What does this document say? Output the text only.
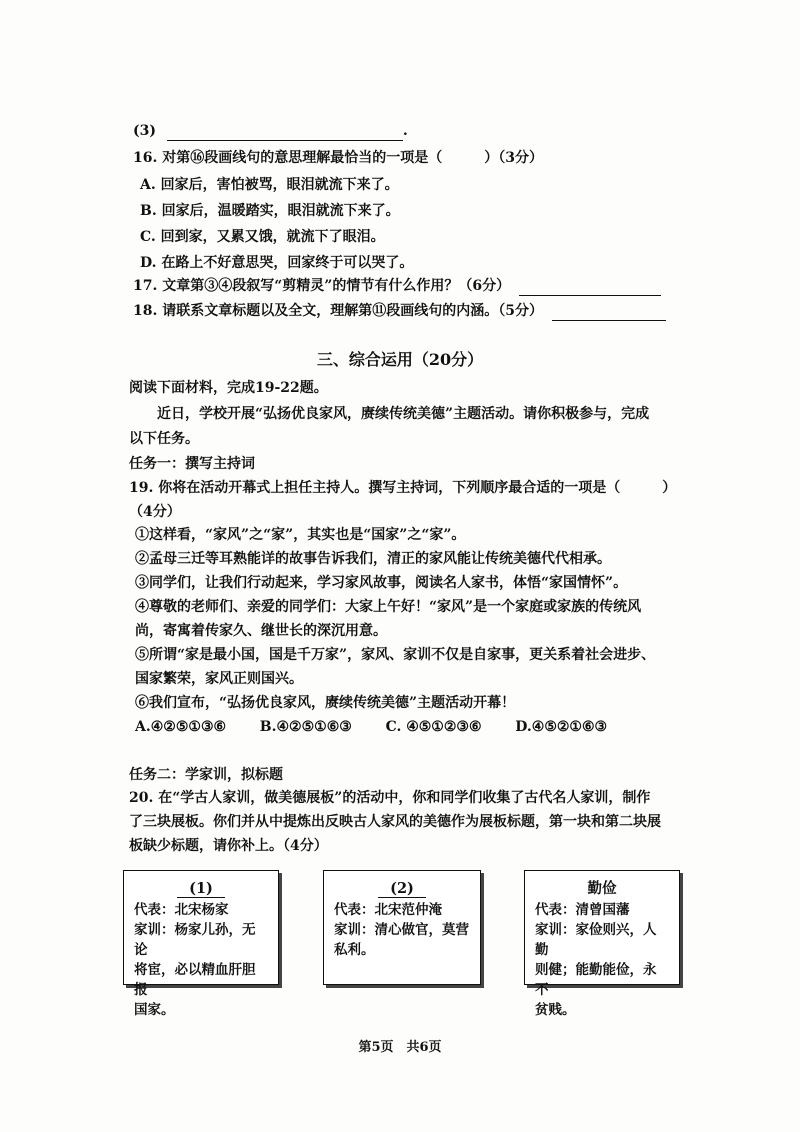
(3)	.
16. 对第⑯段画线句的意思理解最恰当的一项是（　　　）（3分）
A. 回家后，害怕被骂，眼泪就流下来了。
B. 回家后，温暖踏实，眼泪就流下来了。
C. 回到家，又累又饿，就流下了眼泪。
D. 在路上不好意思哭，回家终于可以哭了。
17. 文章第③④段叙写“剪精灵”的情节有什么作用？（6分）
18. 请联系文章标题以及全文，理解第⑪段画线句的内涵。（5分）
三、综合运用（20分）
阅读下面材料，完成19-22题。
近日，学校开展“弘扬优良家风，赓续传统美德”主题活动。请你积极参与，完成
以下任务。
任务一：撰写主持词
19. 你将在活动开幕式上担任主持人。撰写主持词，下列顺序最合适的一项是（　　　）
（4分）
①这样看，“家风”之“家”，其实也是“国家”之“家”。
②孟母三迁等耳熟能详的故事告诉我们，清正的家风能让传统美德代代相承。
③同学们，让我们行动起来，学习家风故事，阅读名人家书，体悟“家国情怀”。
④尊敬的老师们、亲爱的同学们：大家上午好！“家风”是一个家庭或家族的传统风
尚，寄寓着传家久、继世长的深沉用意。
⑤所谓“家是最小国，国是千万家”，家风、家训不仅是自家事，更关系着社会进步、
国家繁荣，家风正则国兴。
⑥我们宣布，“弘扬优良家风，赓续传统美德”主题活动开幕！
A.④②⑤①③⑥ B.④②⑤①⑥③ C. ④⑤①②③⑥ D.④⑤②①⑥③
任务二：学家训，拟标题
20. 在“学古人家训，做美德展板”的活动中，你和同学们收集了古代名人家训，制作
了三块展板。你们并从中提炼出反映古人家风的美德作为展板标题，第一块和第二块展
板缺少标题，请你补上。（4分）
(1)
代表：北宋杨家
家训：杨家儿孙，无论
将宦，必以精血肝胆报
国家。
(2)
代表：北宋范仲淹
家训：清心做官，莫营
私利。
勤俭
代表：清曾国藩
家训：家俭则兴，人勤
则健；能勤能俭，永不
贫贱。
第5页　共6页
